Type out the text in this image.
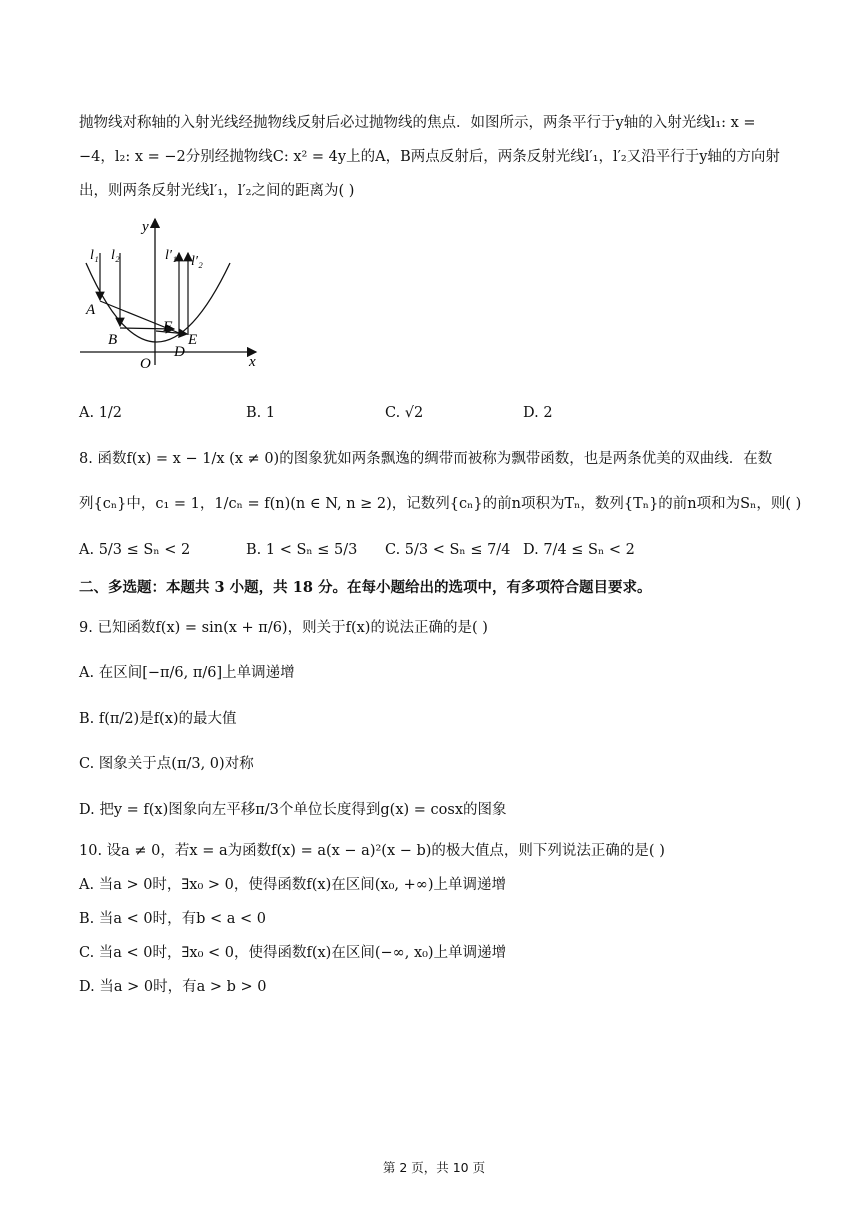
抛物线对称轴的入射光线经抛物线反射后必过抛物线的焦点．如图所示，两条平行于y轴的入射光线l₁: x =
−4，l₂: x = −2分别经抛物线C: x² = 4y上的A，B两点反射后，两条反射光线l′₁，l′₂又沿平行于y轴的方向射
出，则两条反射光线l′₁，l′₂之间的距离为( )
y
x
l₁ l₂	l′₁ l′₂
A
B
F
E
O
D
A. 1/2	B. 1	C. √2	D. 2
8. 函数f(x) = x − 1/x (x ≠ 0)的图象犹如两条飘逸的绸带而被称为飘带函数，也是两条优美的双曲线．在数
列{cₙ}中，c₁ = 1，1/cₙ = f(n)(n ∈ N, n ≥ 2)，记数列{cₙ}的前n项积为Tₙ，数列{Tₙ}的前n项和为Sₙ，则( )
A. 5/3 ≤ Sₙ < 2	B. 1 < Sₙ ≤ 5/3 C. 5/3 < Sₙ ≤ 7/4 D. 7/4 ≤ Sₙ < 2
二、多选题：本题共 3 小题，共 18 分。在每小题给出的选项中，有多项符合题目要求。
9. 已知函数f(x) = sin(x + π/6)，则关于f(x)的说法正确的是( )
A. 在区间[−π/6, π/6]上单调递增
B. f(π/2)是f(x)的最大值
C. 图象关于点(π/3, 0)对称
D. 把y = f(x)图象向左平移π/3个单位长度得到g(x) = cosx的图象
10. 设a ≠ 0，若x = a为函数f(x) = a(x − a)²(x − b)的极大值点，则下列说法正确的是( )
A. 当a > 0时，∃x₀ > 0，使得函数f(x)在区间(x₀, +∞)上单调递增
B. 当a < 0时，有b < a < 0
C. 当a < 0时，∃x₀ < 0，使得函数f(x)在区间(−∞, x₀)上单调递增
D. 当a > 0时，有a > b > 0
第 2 页，共 10 页
